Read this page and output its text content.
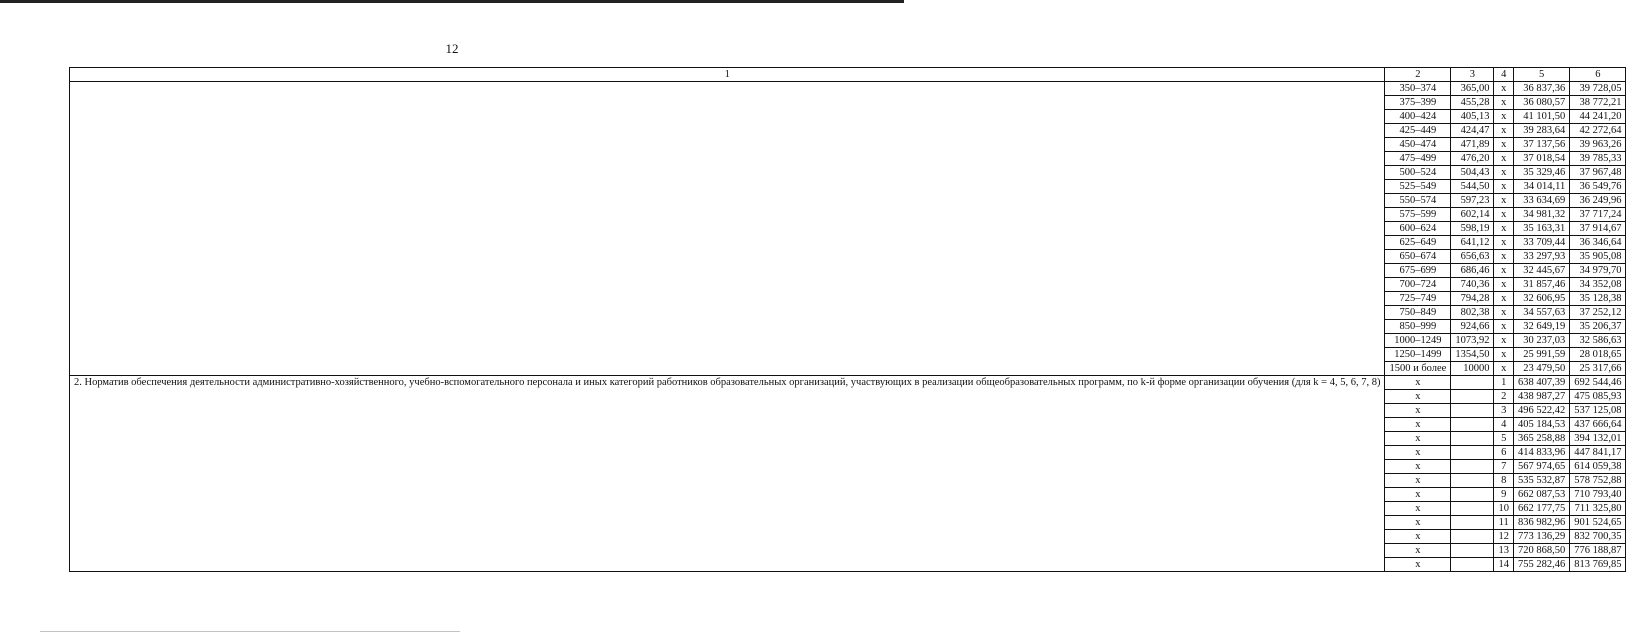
12
1	2	3	4	5	6
	350–374	365,00	x	36 837,36	39 728,05
	375–399	455,28	x	36 080,57	38 772,21
	400–424	405,13	x	41 101,50	44 241,20
	425–449	424,47	x	39 283,64	42 272,64
	450–474	471,89	x	37 137,56	39 963,26
	475–499	476,20	x	37 018,54	39 785,33
	500–524	504,43	x	35 329,46	37 967,48
	525–549	544,50	x	34 014,11	36 549,76
	550–574	597,23	x	33 634,69	36 249,96
	575–599	602,14	x	34 981,32	37 717,24
	600–624	598,19	x	35 163,31	37 914,67
	625–649	641,12	x	33 709,44	36 346,64
	650–674	656,63	x	33 297,93	35 905,08
	675–699	686,46	x	32 445,67	34 979,70
	700–724	740,36	x	31 857,46	34 352,08
	725–749	794,28	x	32 606,95	35 128,38
	750–849	802,38	x	34 557,63	37 252,12
	850–999	924,66	x	32 649,19	35 206,37
	1000–1249	1073,92	x	30 237,03	32 586,63
	1250–1499	1354,50	x	25 991,59	28 018,65
	1500 и более	10000	x	23 479,50	25 317,66
2. Норматив обеспечения деятельности административно-хозяйственного, учебно-вспомогательного персонала и иных категорий работников образовательных организаций, участвующих в реализации общеобразовательных программ, по k-й форме организации обучения (для k = 4, 5, 6, 7, 8)	x		1	638 407,39	692 544,46
	x		2	438 987,27	475 085,93
	x		3	496 522,42	537 125,08
	x		4	405 184,53	437 666,64
	x		5	365 258,88	394 132,01
	x		6	414 833,96	447 841,17
	x		7	567 974,65	614 059,38
	x		8	535 532,87	578 752,88
	x		9	662 087,53	710 793,40
	x		10	662 177,75	711 325,80
	x		11	836 982,96	901 524,65
	x		12	773 136,29	832 700,35
	x		13	720 868,50	776 188,87
	x		14	755 282,46	813 769,85
